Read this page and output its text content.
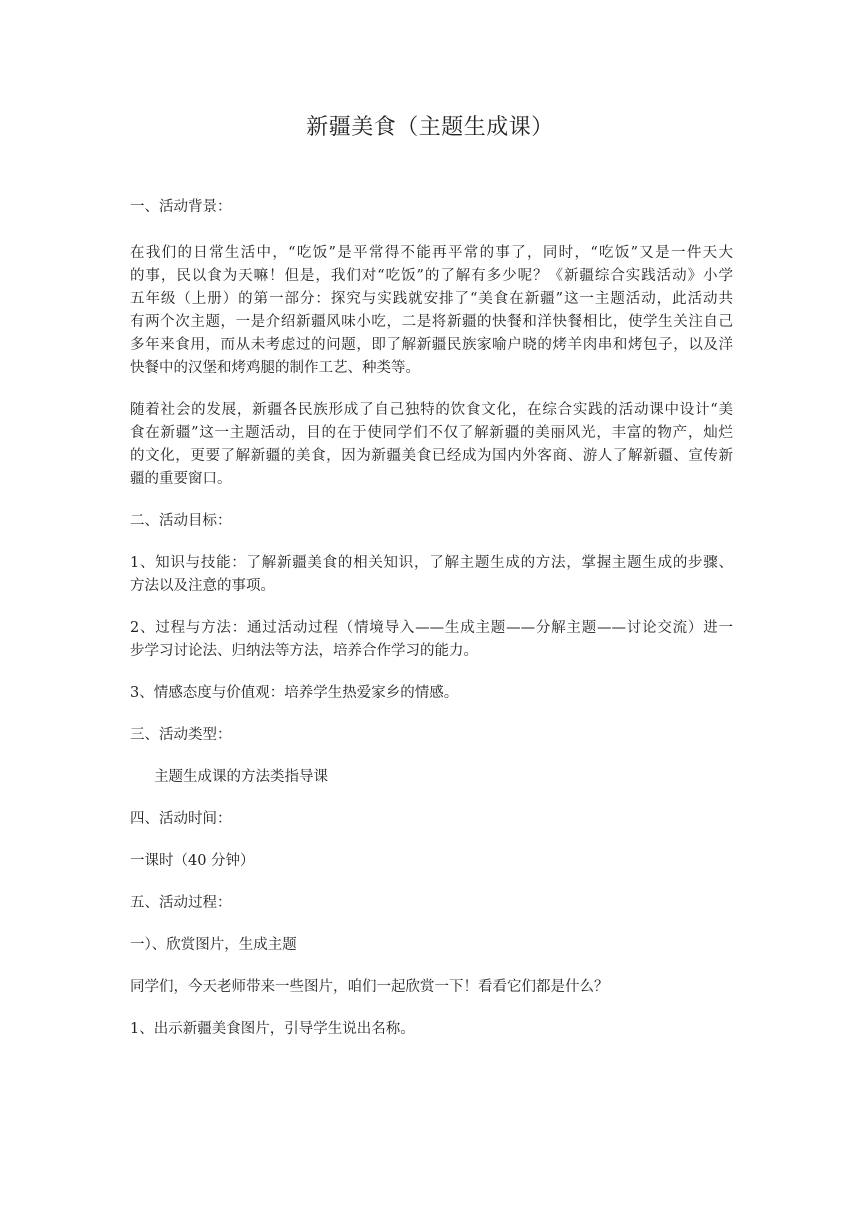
新疆美食（主题生成课）
一、活动背景：
在我们的日常生活中，“吃饭”是平常得不能再平常的事了，同时，“吃饭”又是一件天大
的事，民以食为天嘛！但是，我们对“吃饭”的了解有多少呢？《新疆综合实践活动》小学
五年级（上册）的第一部分：探究与实践就安排了“美食在新疆”这一主题活动，此活动共
有两个次主题，一是介绍新疆风味小吃，二是将新疆的快餐和洋快餐相比，使学生关注自己
多年来食用，而从未考虑过的问题，即了解新疆民族家喻户晓的烤羊肉串和烤包子，以及洋
快餐中的汉堡和烤鸡腿的制作工艺、种类等。
随着社会的发展，新疆各民族形成了自己独特的饮食文化，在综合实践的活动课中设计“美
食在新疆”这一主题活动，目的在于使同学们不仅了解新疆的美丽风光，丰富的物产，灿烂
的文化，更要了解新疆的美食，因为新疆美食已经成为国内外客商、游人了解新疆、宣传新
疆的重要窗口。
二、活动目标：
1、知识与技能：了解新疆美食的相关知识，了解主题生成的方法，掌握主题生成的步骤、
方法以及注意的事项。
2、过程与方法：通过活动过程（情境导入——生成主题——分解主题——讨论交流）进一
步学习讨论法、归纳法等方法，培养合作学习的能力。
3、情感态度与价值观：培养学生热爱家乡的情感。
三、活动类型：
主题生成课的方法类指导课
四、活动时间：
一课时（40 分钟）
五、活动过程：
一）、欣赏图片，生成主题
同学们，今天老师带来一些图片，咱们一起欣赏一下！看看它们都是什么？
1、出示新疆美食图片，引导学生说出名称。
